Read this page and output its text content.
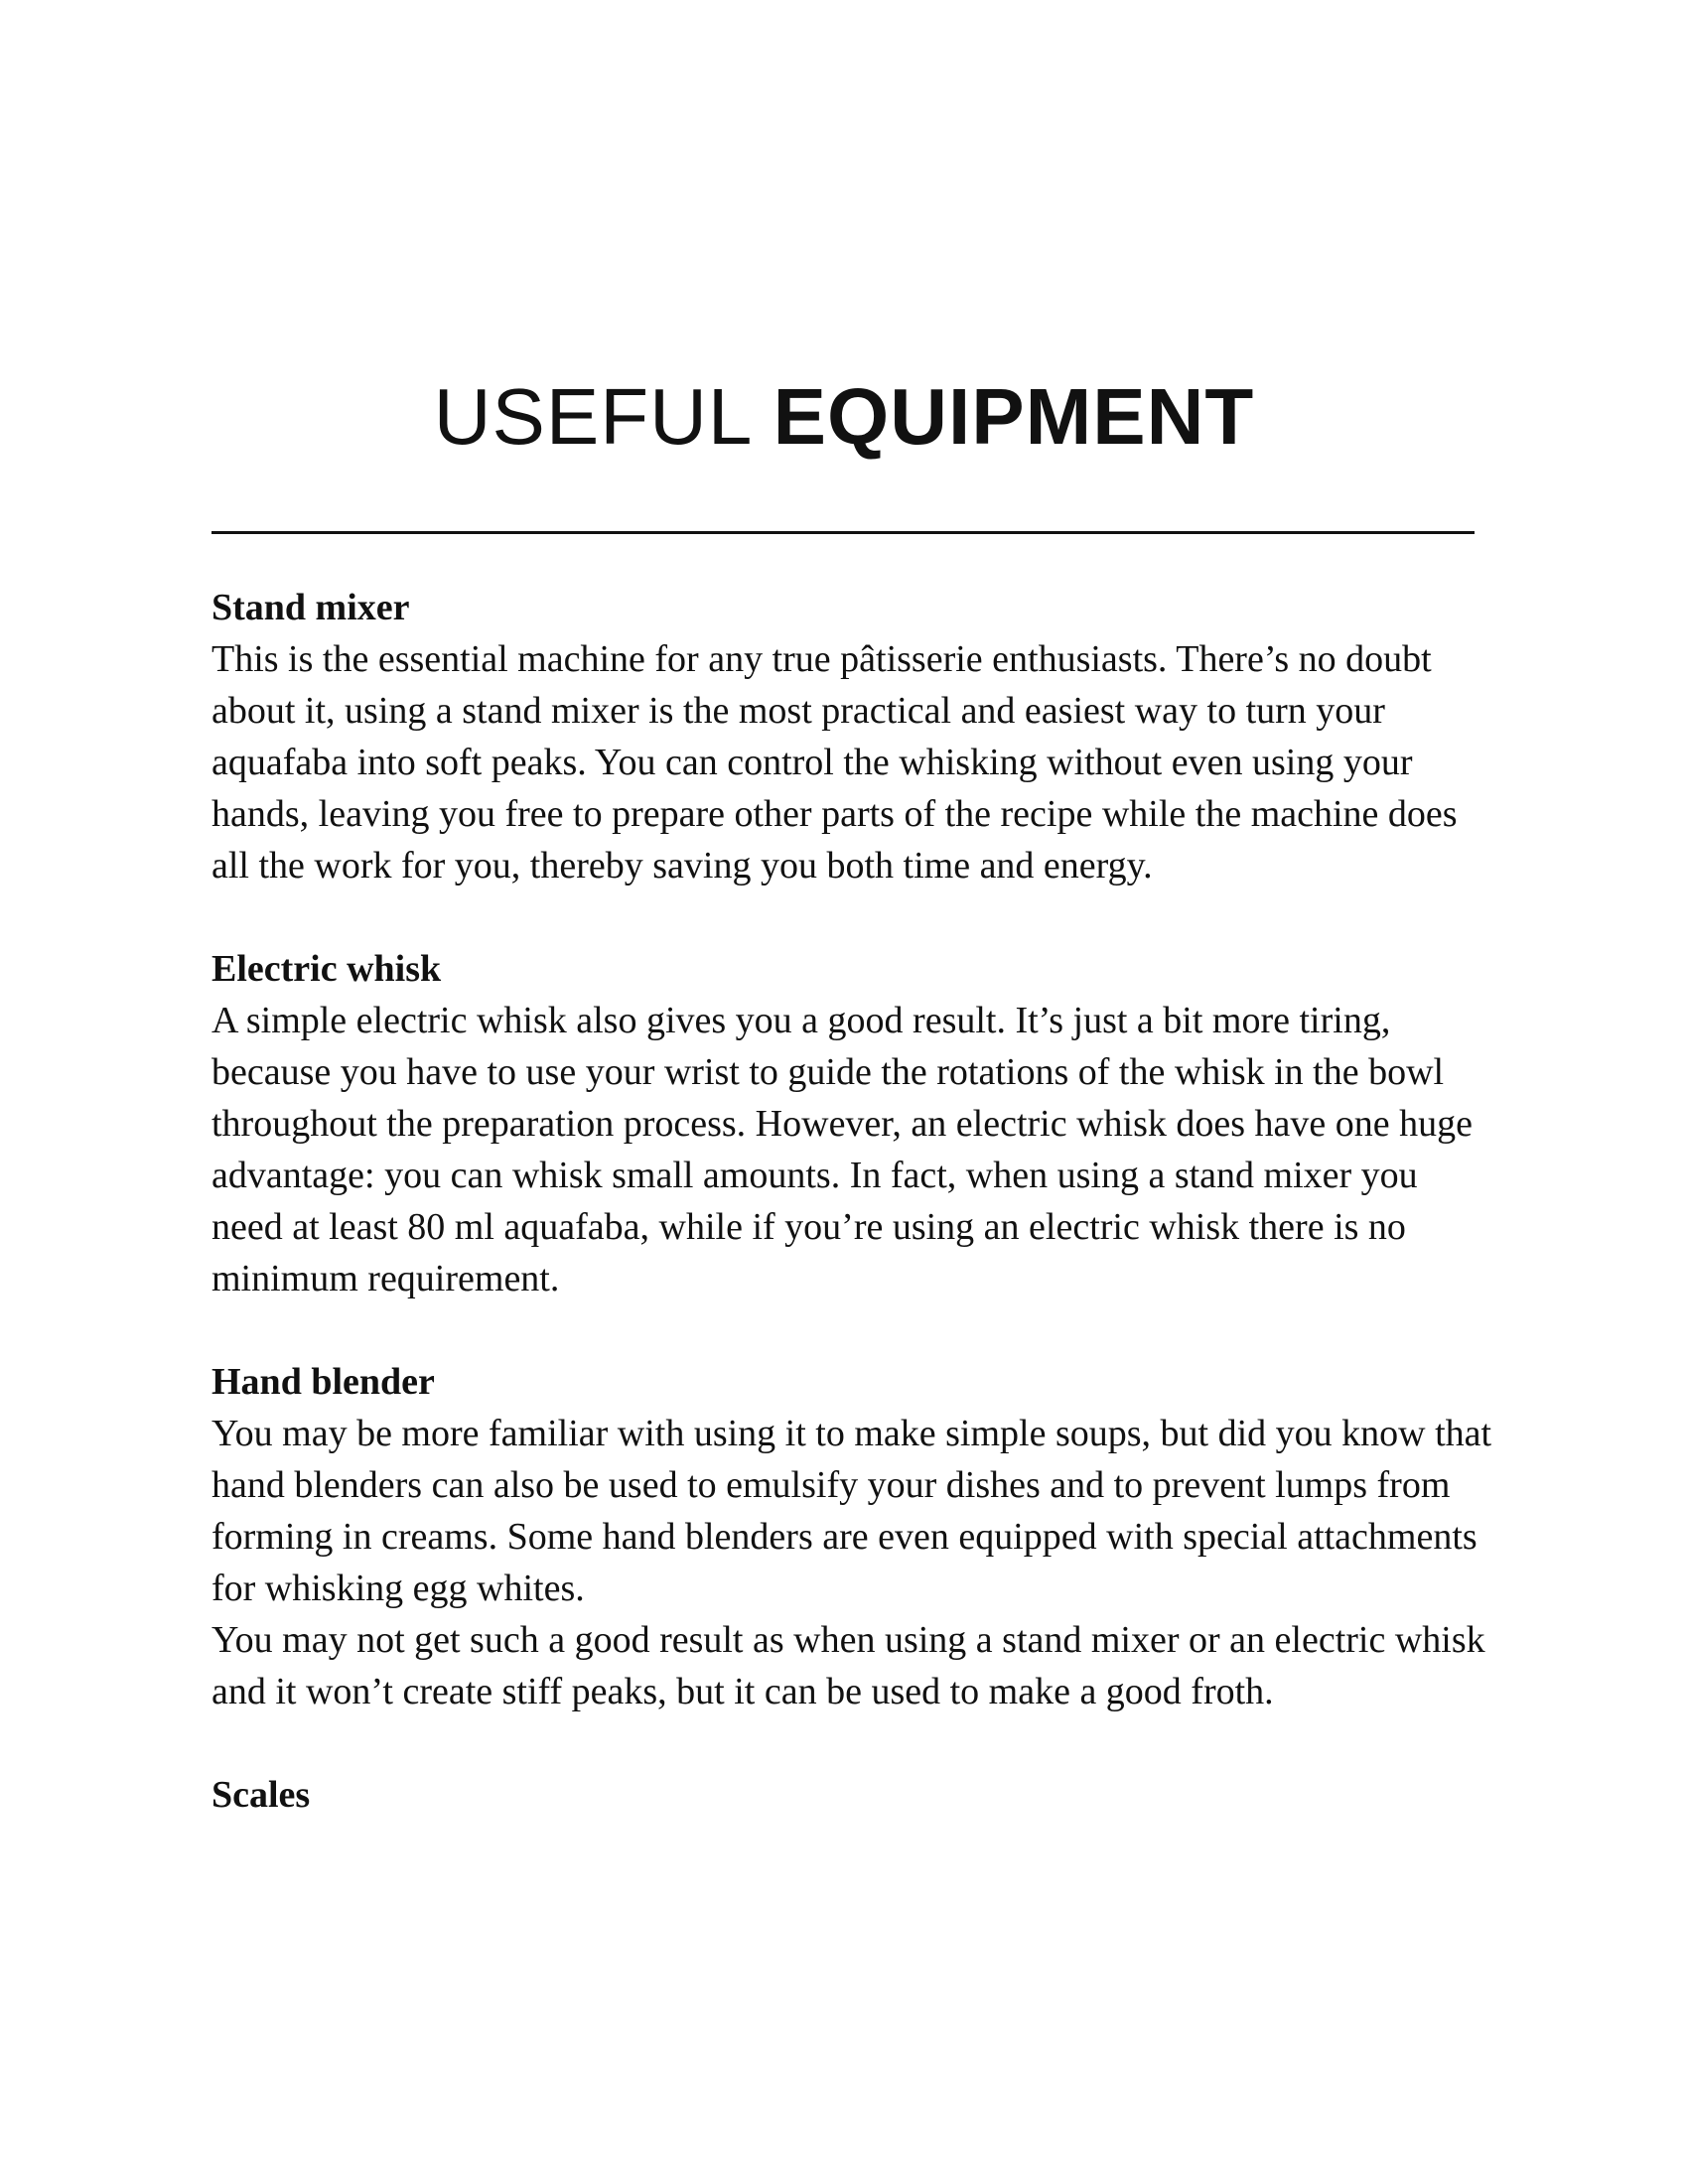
USEFUL EQUIPMENT

Stand mixer

This is the essential machine for any true pâtisserie enthusiasts. There’s no doubt about it, using a stand mixer is the most practical and easiest way to turn your aquafaba into soft peaks. You can control the whisking without even using your hands, leaving you free to prepare other parts of the recipe while the machine does all the work for you, thereby saving you both time and energy.

Electric whisk

A simple electric whisk also gives you a good result. It’s just a bit more tiring, because you have to use your wrist to guide the rotations of the whisk in the bowl throughout the preparation process. However, an electric whisk does have one huge advantage: you can whisk small amounts. In fact, when using a stand mixer you need at least 80 ml aquafaba, while if you’re using an electric whisk there is no minimum requirement.

Hand blender

You may be more familiar with using it to make simple soups, but did you know that hand blenders can also be used to emulsify your dishes and to prevent lumps from forming in creams. Some hand blenders are even equipped with special attachments for whisking egg whites.

You may not get such a good result as when using a stand mixer or an electric whisk and it won’t create stiff peaks, but it can be used to make a good froth.

Scales
